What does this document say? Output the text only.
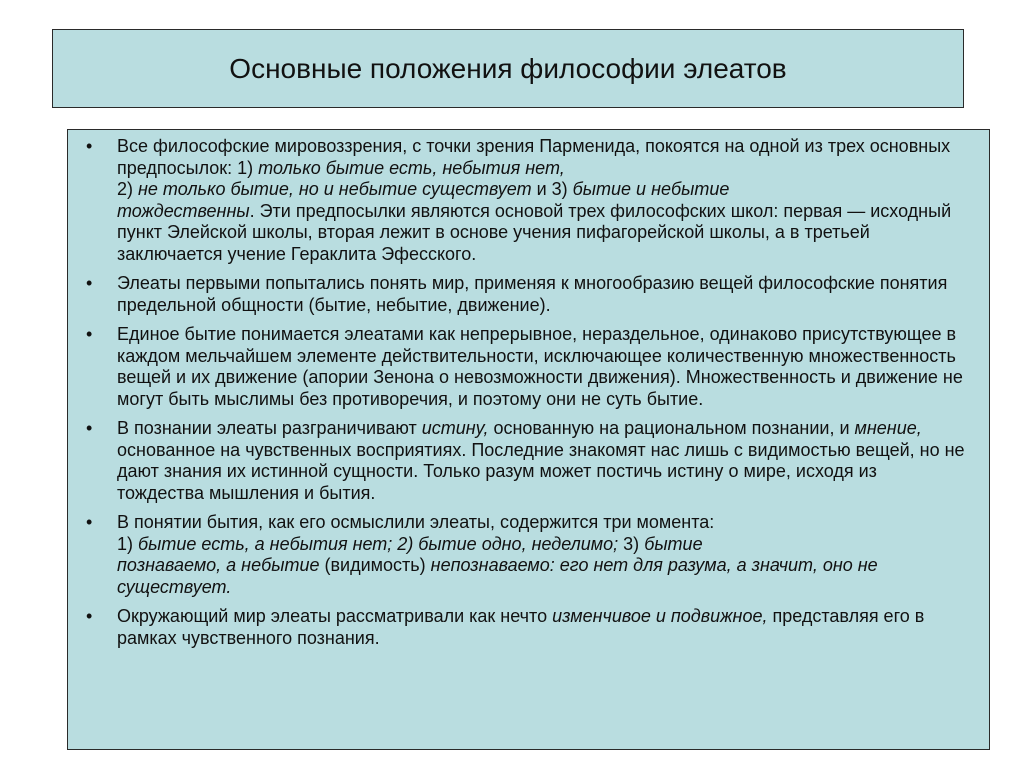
Основные положения философии элеатов
• Все философские мировоззрения, с точки зрения Парменида, покоятся на одной из трех основных предпосылок: 1) только бытие есть, небытия нет,
2) не только бытие, но и небытие существует и 3) бытие и небытие
тождественны. Эти предпосылки являются основой трех философских школ: первая — исходный пункт Элейской школы, вторая лежит в основе учения пифагорейской школы, а в третьей заключается учение Гераклита Эфесского.
• Элеаты первыми попытались понять мир, применяя к многообразию вещей философские понятия предельной общности (бытие, небытие, движение).
• Единое бытие понимается элеатами как непрерывное, нераздельное, одинаково присутствующее в каждом мельчайшем элементе действительности, исключающее количественную множественность
вещей и их движение (апории Зенона о невозможности движения). Множественность и движение не могут быть мыслимы без противоречия, и поэтому они не суть бытие.
• В познании элеаты разграничивают истину, основанную на рациональном познании, и мнение, основанное на чувственных восприятиях. Последние знакомят нас лишь с видимостью вещей, но не дают знания их истинной сущности. Только разум может постичь истину о мире, исходя из тождества мышления и бытия.
• В понятии бытия, как его осмыслили элеаты, содержится три момента:
1) бытие есть, а небытия нет; 2) бытие одно, неделимо; 3) бытие
познаваемо, а небытие (видимость) непознаваемо: его нет для разума, а значит, оно не существует.
• Окружающий мир элеаты рассматривали как нечто изменчивое и подвижное, представляя его в рамках чувственного познания.
